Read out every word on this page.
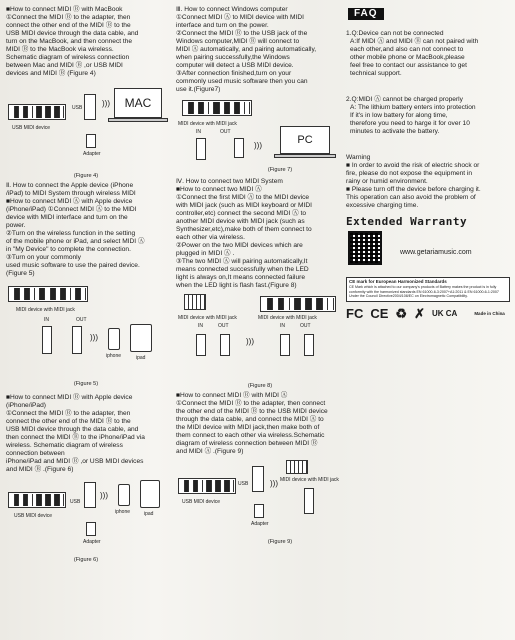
■How to connect MIDI Ⓑ with MacBook

①Connect the MIDI Ⓑ to the adapter, then

connect the other end of the MIDI Ⓑ to the

USB MIDI device through the data cable, and

turn on the MacBook, and then connect the

MIDI Ⓑ to the MacBook via wireless.

Schematic diagram of wireless connection

between Mac and MIDI Ⓑ ,or USB MIDI

devices and MIDI Ⓑ (Figure 4)

USB MIDI device
USB
Adapter
)))	MAC
(Figure 4)

Ⅱ. How to connect the Apple device (iPhone

/iPad) to MIDI System through wireless MIDI

■How to connect MIDI Ⓐ with Apple device

(iPhone/iPad) ①Connect MIDI Ⓐ to the MIDI

device with MIDI interface and turn on the

power.

②Turn on the wireless function in the setting

of the mobile phone or iPad, and select MIDI Ⓐ

in "My Device" to complete the connection.

③Turn on your commonly

used music software to use the paired device.

(Figure 5)

MIDI device with MIDI jack
IN	OUT
)))
iphone	ipad
(Figure 5)

■How to connect MIDI Ⓑ with Apple device

(iPhone/iPad)

①Connect the MIDI Ⓑ to the adapter, then

connect the other end of the MIDI Ⓑ to the

USB MIDI device through the data cable, and

then connect the MIDI Ⓑ to the iPhone/iPad via

wireless. Schematic diagram of wireless

connection between

iPhone/iPad and MIDI Ⓑ ,or USB MIDI devices

and MIDI Ⓑ .(Figure 6)

USB MIDI device
USB
Adapter
)))
iphone	ipad
(Figure 6)

Ⅲ. How to connect Windows computer

①Connect MIDI Ⓐ to MIDI device with MIDI

interface and turn on the power.

②Connect the MIDI Ⓑ to the USB jack of the

Windows computer,MIDI Ⓑ will connect to

MIDI Ⓐ automatically, and pairing automatically,

when pairing successfully,the Windows

computer will detect a USB MIDI device.

③After connection finished,turn on your

commonly used music software then you can

use it.(Figure7)

MIDI device with MIDI jack
IN	OUT
)))	PC
(Figure 7)

Ⅳ. How to connect two MIDI System

■How to connect two MIDI Ⓐ

①Connect the first MIDI Ⓐ to the MIDI device

with MIDI jack (such as MIDI keyboard or MIDI

controller,etc) connect the second MIDI Ⓐ to

another MIDI device with MIDI jack (such as

Synthesizer,etc),make both of them connect to

each other via wireless.

②Power on the two MIDI devices which are

plugged in MIDI Ⓐ .

③The two MIDI Ⓐ will pairing automatically,It

means connected successfully when the LED

light is always on,It means connected failure

when the LED light is flash fast.(Figure 8)

MIDI device with MIDI jack	MIDI device with MIDI jack
IN	OUT	IN	OUT
)))
(Figure 8)

■How to connect MIDI Ⓑ with MIDI Ⓐ

①Connect the MIDI Ⓑ to the adapter, then connect

the other end of the MIDI Ⓑ to the USB MIDI device

through the data cable, and connect the MIDI Ⓐ to

the MIDI device with MIDI jack,then make both of

them connect to each other via wireless.Schematic

diagram of wireless connection between MIDI Ⓑ

and MIDI Ⓐ .(Figure 9)

USB MIDI device
USB
Adapter
))) MIDI device with MIDI jack
(Figure 9)
FAQ

1.Q:Device can not be connected

A:If MIDI Ⓐ and MIDI Ⓑ can not paired with

each other,and also can not connect to

other mobile phone or MacBook,please

feel free to contact our assistance to get

technical support.

2.Q:MIDI Ⓐ cannot be charged properly

A: The lithium battery enters into protection

If it's in low battery for along time,

therefore you need to harge it for over 10

minutes to activate the battery.

Warning

■ In order to avoid the risk of electric shock or

fire, please do not expose the equipment in

rainy or humid environment.

■ Please turn off the device before charging it.

This operation can also avoid the problem of

excessive charging time.

Extended Warranty
www.getariamusic.com
CE mark for European Harmonized Standards
CE Mark which is attached to our company's products of Battery makes the product is in fully conformity with the harmonized standards EN 61000-6-3:2007+A1:2011 & EN 61000-6-1:2007 Under the Council Directive2004/108/EC on Electromagnetic Compatibility.
FC CE ♻ ✗ UK CA	Made in China
